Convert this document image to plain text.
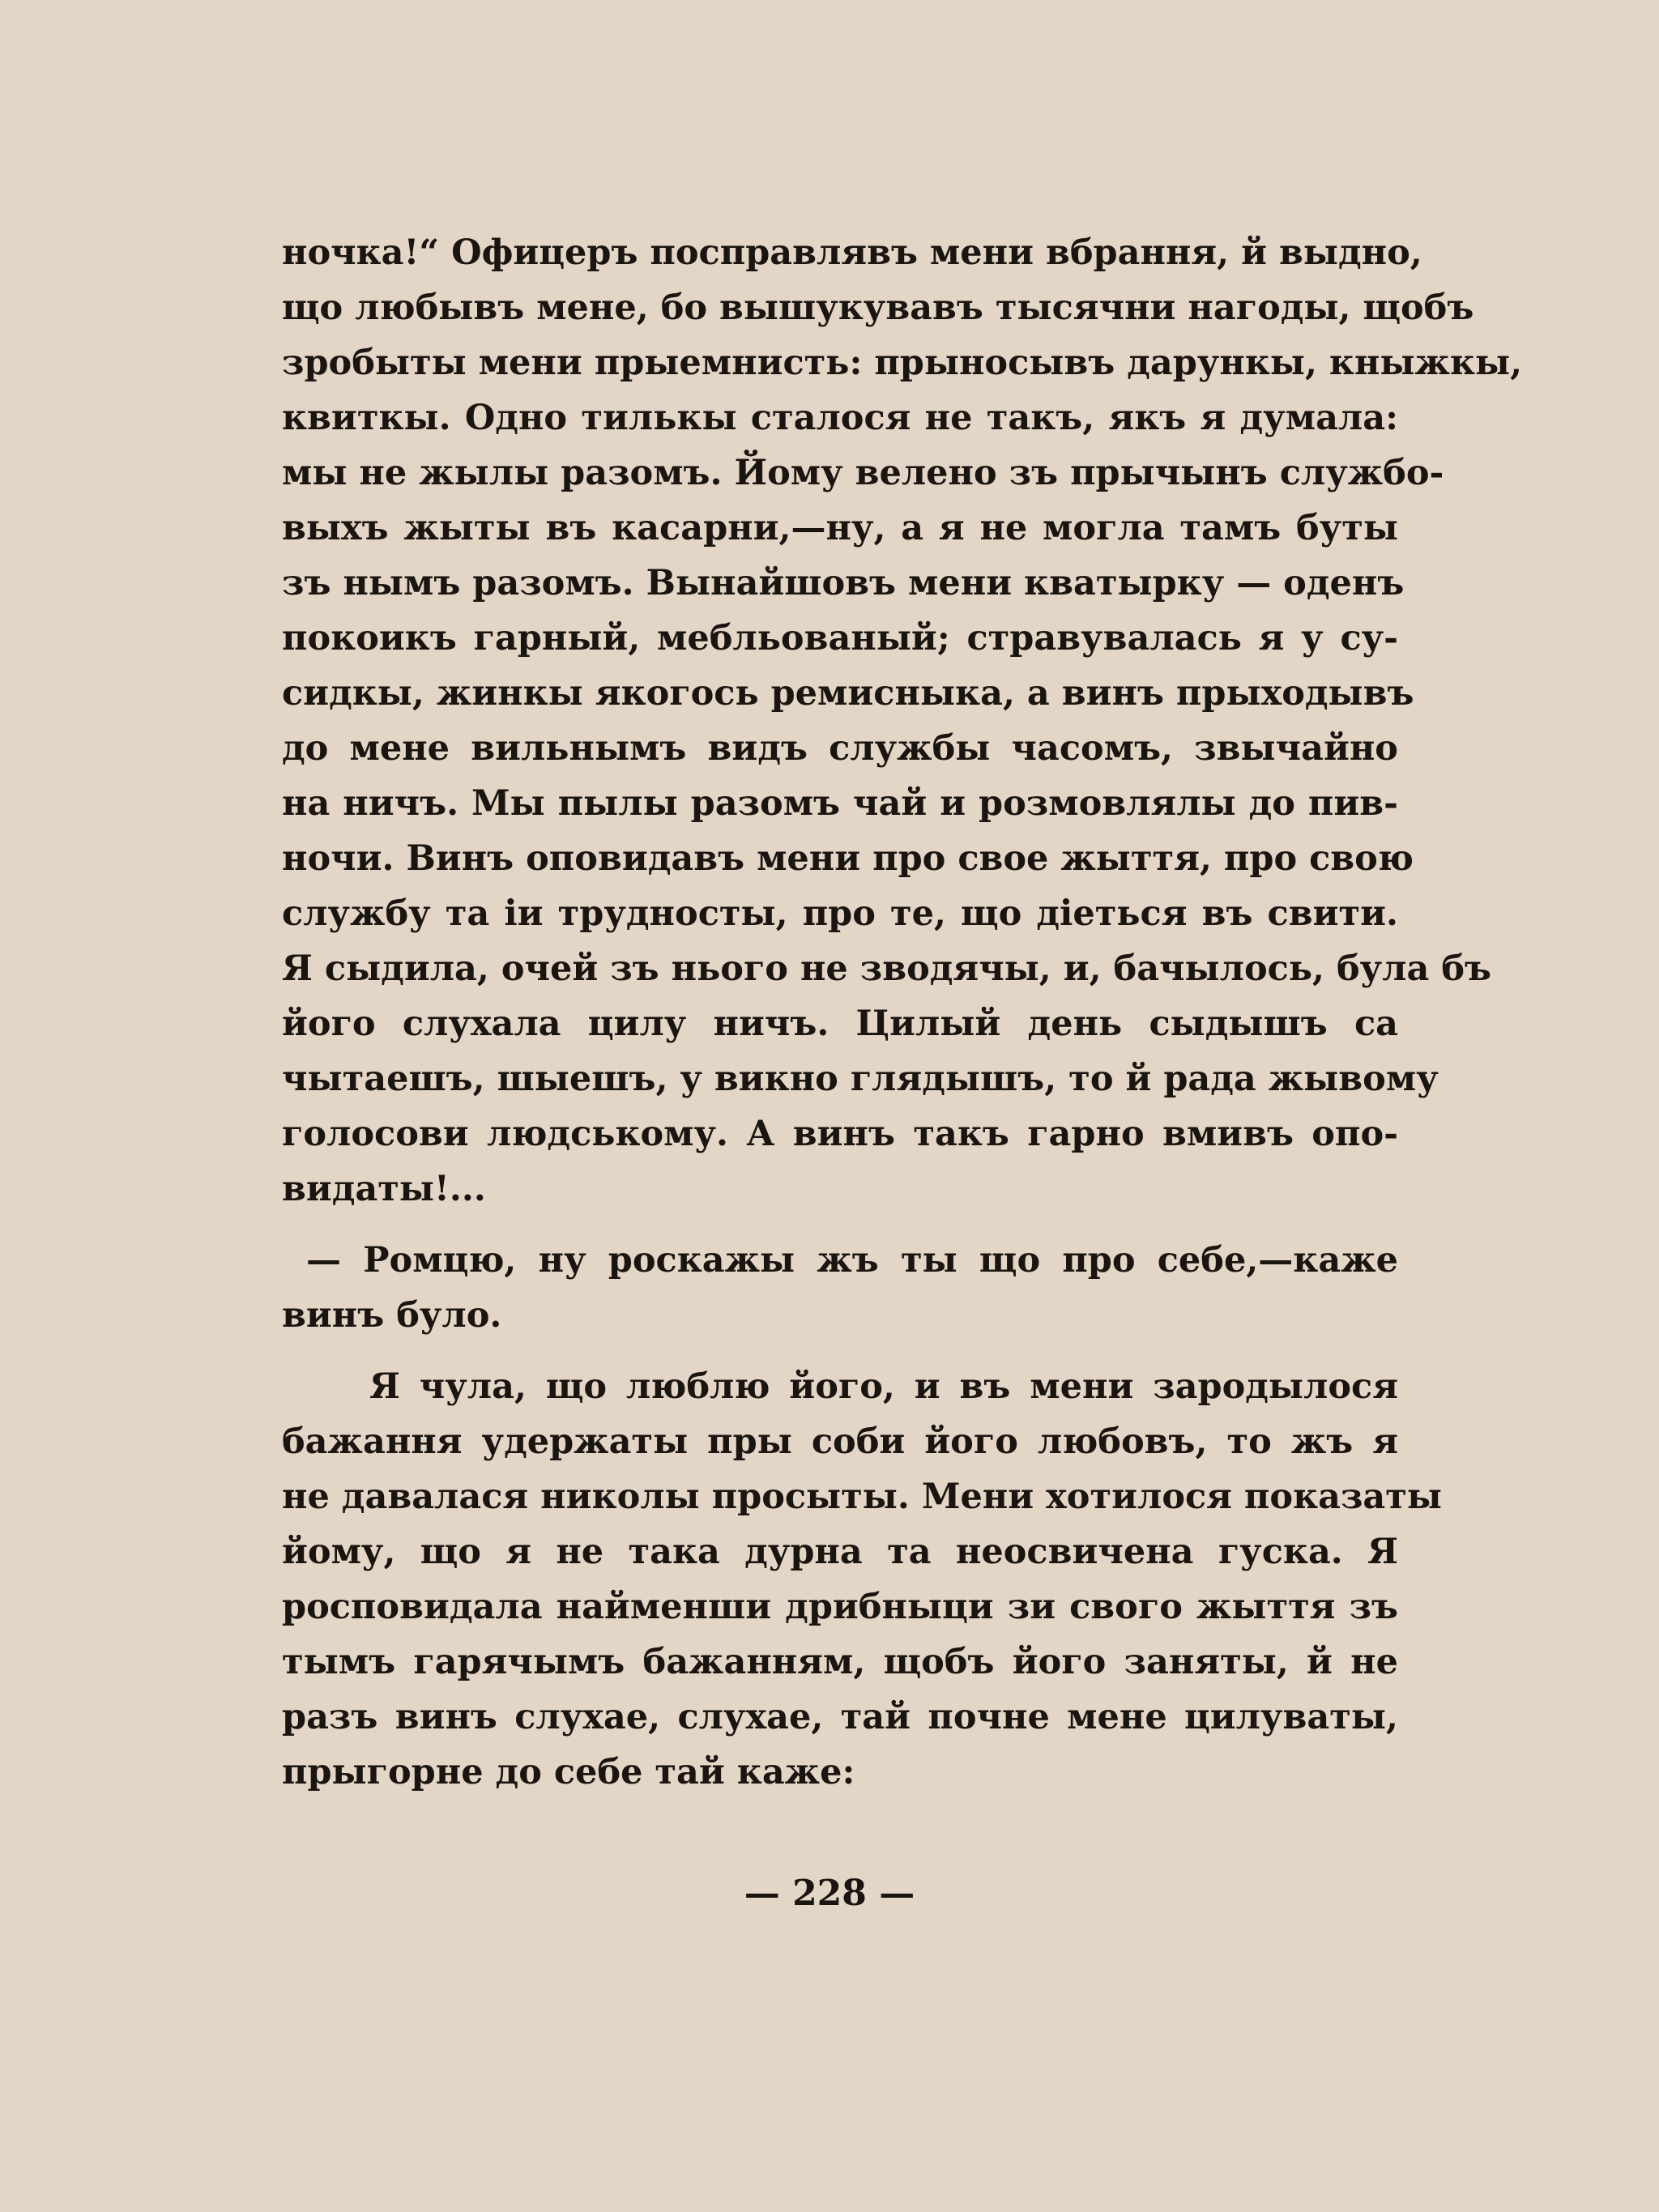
ночка!“ Офицеръ посправлявъ мени вбрання, й выдно,
що любывъ мене, бо вышукувавъ тысячни нагоды, щобъ
зробыты мени прыемнисть: прыносывъ дарункы, кныжкы,
квиткы. Одно тилькы сталося не такъ, якъ я думала:
мы не жылы разомъ. Йому велено зъ прычынъ службо-
выхъ жыты въ касарни,—ну, а я не могла тамъ буты
зъ нымъ разомъ. Вынайшовъ мени кватырку — оденъ
покоикъ гарный, мебльованый; стравувалась я у су-
сидкы, жинкы якогось ремисныка, а винъ прыходывъ
до мене вильнымъ видъ службы часомъ, звычайно
на ничъ. Мы пылы разомъ чай и розмовлялы до пив-
ночи. Винъ оповидавъ мени про свое жыття, про свою
службу та іи трудносты, про те, що діеться въ свити.
Я сыдила, очей зъ нього не зводячы, и, бачылось, була бъ
його слухала цилу ничъ. Цилый день сыдышъ са
чытаешъ, шыешъ, у викно глядышъ, то й рада жывому
голосови людському. А винъ такъ гарно вмивъ опо-
видаты!...

— Ромцю, ну роскажы жъ ты що про себе,—каже
винъ було.

Я чула, що люблю його, и въ мени зародылося
бажання удержаты пры соби його любовъ, то жъ я
не давалася николы просыты. Мени хотилося показаты
йому, що я не така дурна та неосвичена гуска. Я
росповидала найменши дрибныци зи свого жыття зъ
тымъ гарячымъ бажанням, щобъ його заняты, й не
разъ винъ слухае, слухае, тай почне мене цилуваты,
прыгорне до себе тай каже:

— 228 —
